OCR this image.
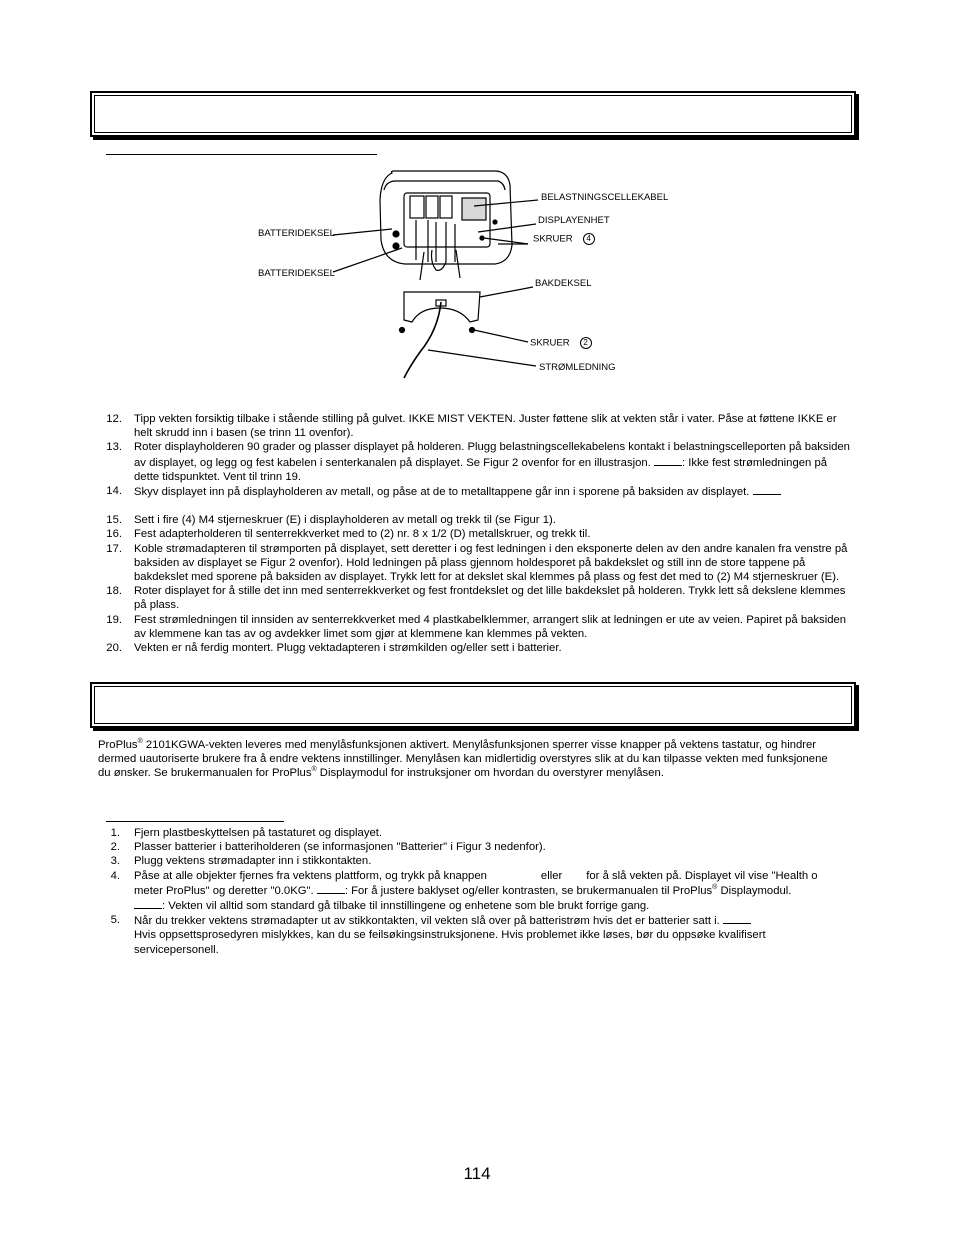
BELASTNINGSCELLEKABEL
DISPLAYENHET
SKRUER 4
BATTERIDEKSEL
BATTERIDEKSEL
BAKDEKSEL
SKRUER 2
STRØMLEDNING
12. Tipp vekten forsiktig tilbake i stående stilling på gulvet. IKKE MIST VEKTEN. Juster føttene slik at vekten står i vater. Påse at føttene IKKE er helt skrudd inn i basen (se trinn 11 ovenfor).
13. Roter displayholderen 90 grader og plasser displayet på holderen. Plugg belastningscellekabelens kontakt i belastningscelleporten på baksiden av displayet, og legg og fest kabelen i senterkanalen på displayet. Se Figur 2 ovenfor for en illustrasjon.	: Ikke fest strømledningen på dette tidspunktet. Vent til trinn 19.
14. Skyv displayet inn på displayholderen av metall, og påse at de to metalltappene går inn i sporene på baksiden av displayet.
15. Sett i fire (4) M4 stjerneskruer (E) i displayholderen av metall og trekk til (se Figur 1).
16. Fest adapterholderen til senterrekkverket med to (2) nr. 8 x 1/2 (D) metallskruer, og trekk til.
17. Koble strømadapteren til strømporten på displayet, sett deretter i og fest ledningen i den eksponerte delen av den andre kanalen fra venstre på baksiden av displayet se Figur 2 ovenfor). Hold ledningen på plass gjennom holdesporet på bakdekslet og still inn de store tappene på bakdekslet med sporene på baksiden av displayet. Trykk lett for at dekslet skal klemmes på plass og fest det med to (2) M4 stjerneskruer (E).
18. Roter displayet for å stille det inn med senterrekkverket og fest frontdekslet og det lille bakdekslet på holderen. Trykk lett så dekslene klemmes på plass.
19. Fest strømledningen til innsiden av senterrekkverket med 4 plastkabelklemmer, arrangert slik at ledningen er ute av veien. Papiret på baksiden av klemmene kan tas av og avdekker limet som gjør at klemmene kan klemmes på vekten.
20. Vekten er nå ferdig montert. Plugg vektadapteren i strømkilden og/eller sett i batterier.

ProPlus® 2101KGWA-vekten leveres med menylåsfunksjonen aktivert. Menylåsfunksjonen sperrer visse knapper på vektens tastatur, og hindrer dermed uautoriserte brukere fra å endre vektens innstillinger. Menylåsen kan midlertidig overstyres slik at du kan tilpasse vekten med funksjonene du ønsker. Se brukermanualen for ProPlus® Displaymodul for instruksjoner om hvordan du overstyrer menylåsen.

1. Fjern plastbeskyttelsen på tastaturet og displayet.
2. Plasser batterier i batteriholderen (se informasjonen "Batterier" i Figur 3 nedenfor).
3. Plugg vektens strømadapter inn i stikkontakten.
4. Påse at alle objekter fjernes fra vektens plattform, og trykk på knappen	eller for å slå vekten på. Displayet vil vise "Health o meter ProPlus" og deretter "0.0KG".	: For å justere baklyset og/eller kontrasten, se brukermanualen til ProPlus® Displaymodul.
: Vekten vil alltid som standard gå tilbake til innstillingene og enhetene som ble brukt forrige gang.
5. Når du trekker vektens strømadapter ut av stikkontakten, vil vekten slå over på batteristrøm hvis det er batterier satt i.
Hvis oppsettsprosedyren mislykkes, kan du se feilsøkingsinstruksjonene. Hvis problemet ikke løses, bør du oppsøke kvalifisert servicepersonell.
114
